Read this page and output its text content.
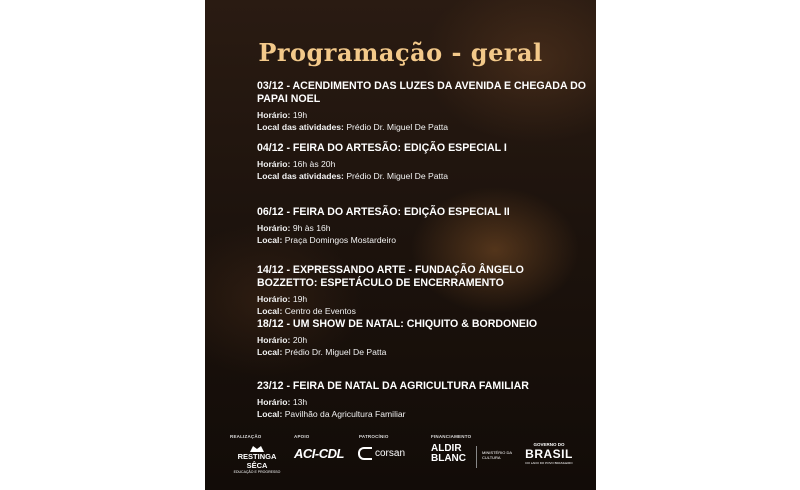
Programação - geral
03/12 - ACENDIMENTO DAS LUZES DA AVENIDA E CHEGADA DO PAPAI NOEL
Horário: 19h
Local das atividades: Prédio Dr. Miguel De Patta
04/12 - FEIRA DO ARTESÃO: EDIÇÃO ESPECIAL I
Horário: 16h às 20h
Local das atividades: Prédio Dr. Miguel De Patta
06/12 - FEIRA DO ARTESÃO: EDIÇÃO ESPECIAL II
Horário: 9h às 16h
Local: Praça Domingos Mostardeiro
14/12 - EXPRESSANDO ARTE - FUNDAÇÃO ÂNGELO BOZZETTO: ESPETÁCULO DE ENCERRAMENTO
Horário: 19h
Local: Centro de Eventos
18/12 - UM SHOW DE NATAL: CHIQUITO & BORDONEIO
Horário: 20h
Local: Prédio Dr. Miguel De Patta
23/12 - FEIRA DE NATAL DA AGRICULTURA FAMILIAR
Horário: 13h
Local: Pavilhão da Agricultura Familiar
REALIZAÇÃO	APOIO	PATROCÍNIO	FINANCIAMENTO
RESTINGA SÊCA
EDUCAÇÃO E PROGRESSO
ACI-CDL	corsan	ALDIR
BLANC
MINISTÉRIO DA CULTURA
GOVERNO DO
BRASIL
DO LADO DO POVO BRASILEIRO
